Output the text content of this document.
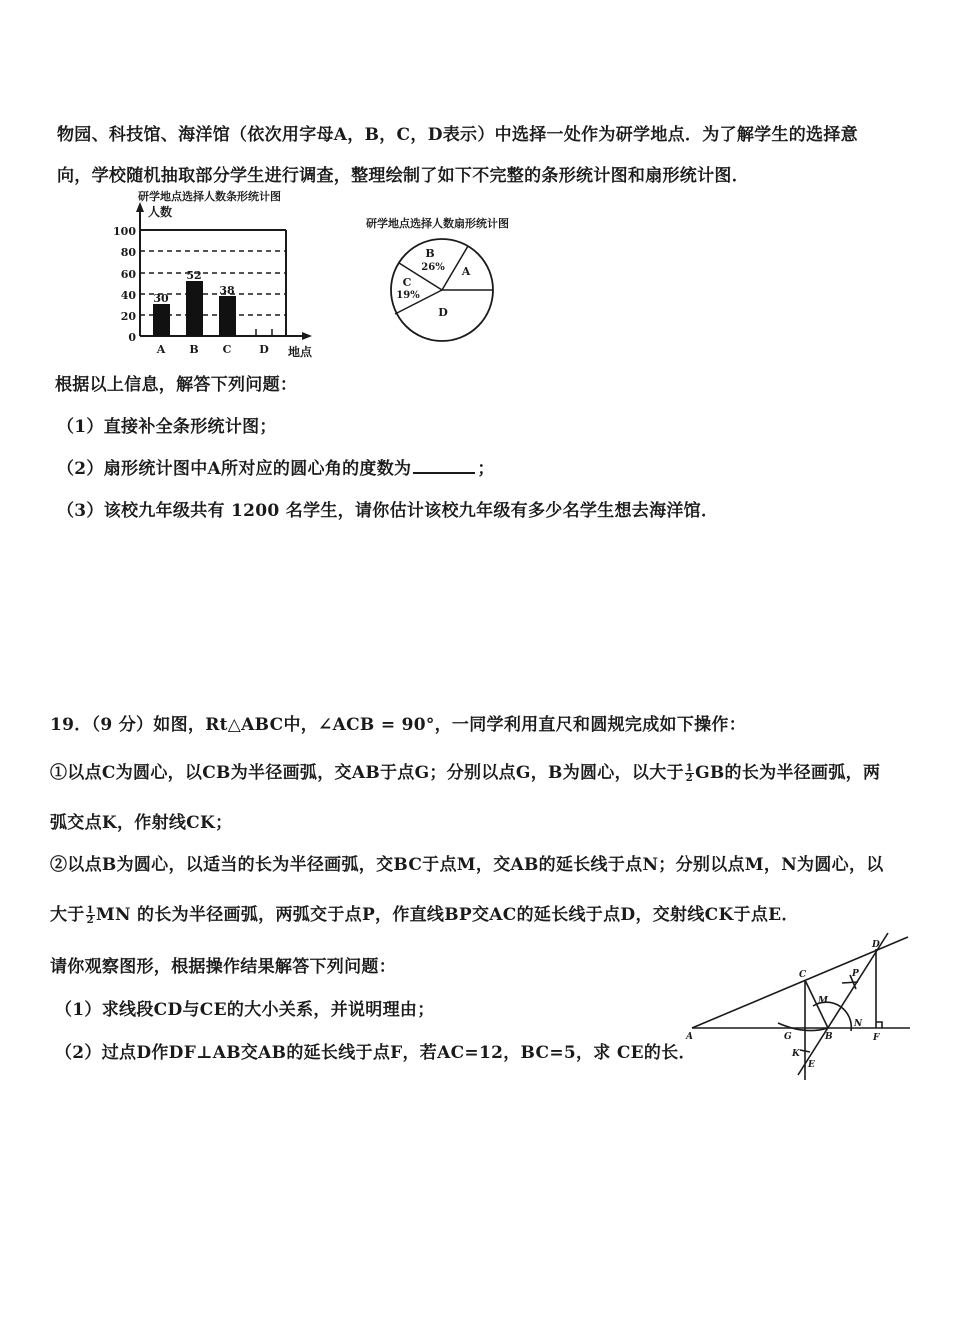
物园、科技馆、海洋馆（依次用字母A，B，C，D表示）中选择一处作为研学地点．为了解学生的选择意
向，学校随机抽取部分学生进行调查，整理绘制了如下不完整的条形统计图和扇形统计图．
研学地点选择人数条形统计图
人数
100
80
60
40
20
0
30
52
38
A B C	D 地点
研学地点选择人数扇形统计图
B
26% A
C
19%
D
根据以上信息，解答下列问题：
（1）直接补全条形统计图；
（2）扇形统计图中A所对应的圆心角的度数为	；
（3）该校九年级共有 1200 名学生，请你估计该校九年级有多少名学生想去海洋馆．
19．（9 分）如图，Rt△ABC中，∠ACB = 90°，一同学利用直尺和圆规完成如下操作：
①以点C为圆心，以CB为半径画弧，交AB于点G；分别以点G，B为圆心，以大于 $\frac{1}{2}$ GB的长为半径画弧，两
弧交点K，作射线CK；
②以点B为圆心，以适当的长为半径画弧，交BC于点M，交AB的延长线于点N；分别以点M，N为圆心，以
大于 $\frac{1}{2}$ MN 的长为半径画弧，两弧交于点P，作直线BP交AC的延长线于点D，交射线CK于点E．
请你观察图形，根据操作结果解答下列问题：
（1）求线段CD与CE的大小关系，并说明理由；
（2）过点D作DF⊥AB交AB的延长线于点F，若AC=12，BC=5，求 CE的长．
A	B
C
D
E
F
G
K
M
N
P
